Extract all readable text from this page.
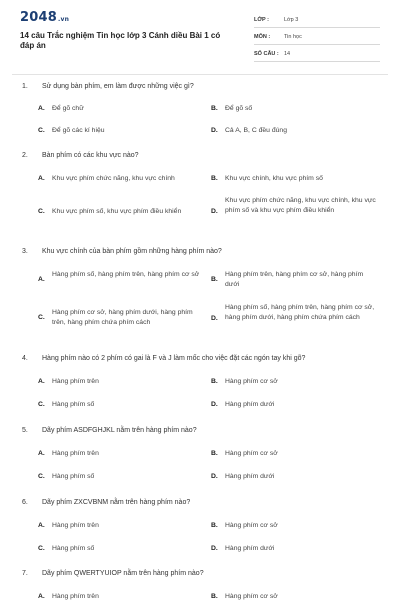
2048.vn
14 câu Trắc nghiệm Tin học lớp 3 Cánh diều Bài 1 có đáp án
LỚP :	Lớp 3
MÔN :	Tin học
SỐ CÂU : 14
1. Sử dụng bàn phím, em làm được những việc gì?
A. Để gõ chữ	B. Để gõ số
C. Để gõ các kí hiệu	D. Cả A, B, C đều đúng
2. Bàn phím có các khu vực nào?
A. Khu vực phím chức năng, khu vực chính	B. Khu vực chính, khu vực phím số
C. Khu vực phím số, khu vực phím điều khiển	D.
Khu vực phím chức năng, khu vực chính, khu vực phím số và khu vực phím điều khiển
3. Khu vực chính của bàn phím gồm những hàng phím nào?
A.
Hàng phím số, hàng phím trên, hàng phím cơ sở
B.
Hàng phím trên, hàng phím cơ sở, hàng phím dưới
C.
Hàng phím cơ sở, hàng phím dưới, hàng phím trên, hàng phím chứa phím cách
D.
Hàng phím số, hàng phím trên, hàng phím cơ sở, hàng phím dưới, hàng phím chứa phím cách
4. Hàng phím nào có 2 phím có gai là F và J làm mốc cho việc đặt các ngón tay khi gõ?
A. Hàng phím trên	B. Hàng phím cơ sở
C. Hàng phím số	D. Hàng phím dưới
5. Dãy phím ASDFGHJKL nằm trên hàng phím nào?
A. Hàng phím trên	B. Hàng phím cơ sở
C. Hàng phím số	D. Hàng phím dưới
6. Dãy phím ZXCVBNM nằm trên hàng phím nào?
A. Hàng phím trên	B. Hàng phím cơ sở
C. Hàng phím số	D. Hàng phím dưới
7. Dãy phím QWERTYUIOP nằm trên hàng phím nào?
A. Hàng phím trên	B. Hàng phím cơ sở
